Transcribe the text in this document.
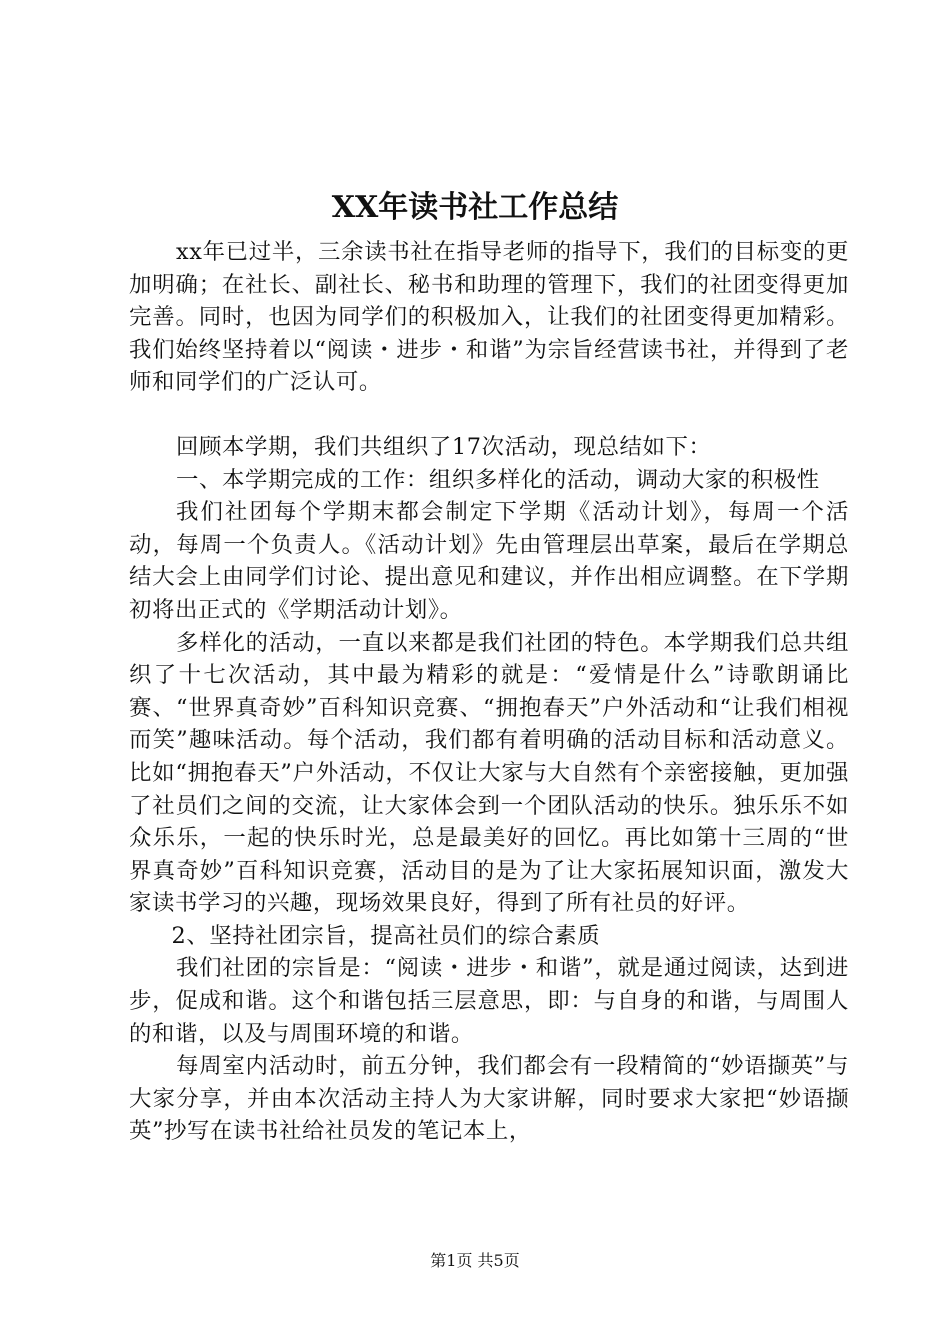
XX年读书社工作总结

xx年已过半，三余读书社在指导老师的指导下，我们的目标变的更加明确；在社长、副社长、秘书和助理的管理下，我们的社团变得更加完善。同时，也因为同学们的积极加入，让我们的社团变得更加精彩。我们始终坚持着以“阅读・进步・和谐”为宗旨经营读书社，并得到了老师和同学们的广泛认可。

回顾本学期，我们共组织了17次活动，现总结如下：

一、本学期完成的工作：组织多样化的活动，调动大家的积极性

我们社团每个学期末都会制定下学期《活动计划》，每周一个活动，每周一个负责人。《活动计划》先由管理层出草案，最后在学期总结大会上由同学们讨论、提出意见和建议，并作出相应调整。在下学期初将出正式的《学期活动计划》。

多样化的活动，一直以来都是我们社团的特色。本学期我们总共组织了十七次活动，其中最为精彩的就是：“爱情是什么”诗歌朗诵比赛、“世界真奇妙”百科知识竞赛、“拥抱春天”户外活动和“让我们相视而笑”趣味活动。每个活动，我们都有着明确的活动目标和活动意义。比如“拥抱春天”户外活动，不仅让大家与大自然有个亲密接触，更加强了社员们之间的交流，让大家体会到一个团队活动的快乐。独乐乐不如众乐乐，一起的快乐时光，总是最美好的回忆。再比如第十三周的“世界真奇妙”百科知识竞赛，活动目的是为了让大家拓展知识面，激发大家读书学习的兴趣，现场效果良好，得到了所有社员的好评。

2、坚持社团宗旨，提高社员们的综合素质

我们社团的宗旨是：“阅读・进步・和谐”，就是通过阅读，达到进步，促成和谐。这个和谐包括三层意思，即：与自身的和谐，与周围人的和谐，以及与周围环境的和谐。

每周室内活动时，前五分钟，我们都会有一段精简的“妙语撷英”与大家分享，并由本次活动主持人为大家讲解，同时要求大家把“妙语撷英”抄写在读书社给社员发的笔记本上，

第1页 共5页
